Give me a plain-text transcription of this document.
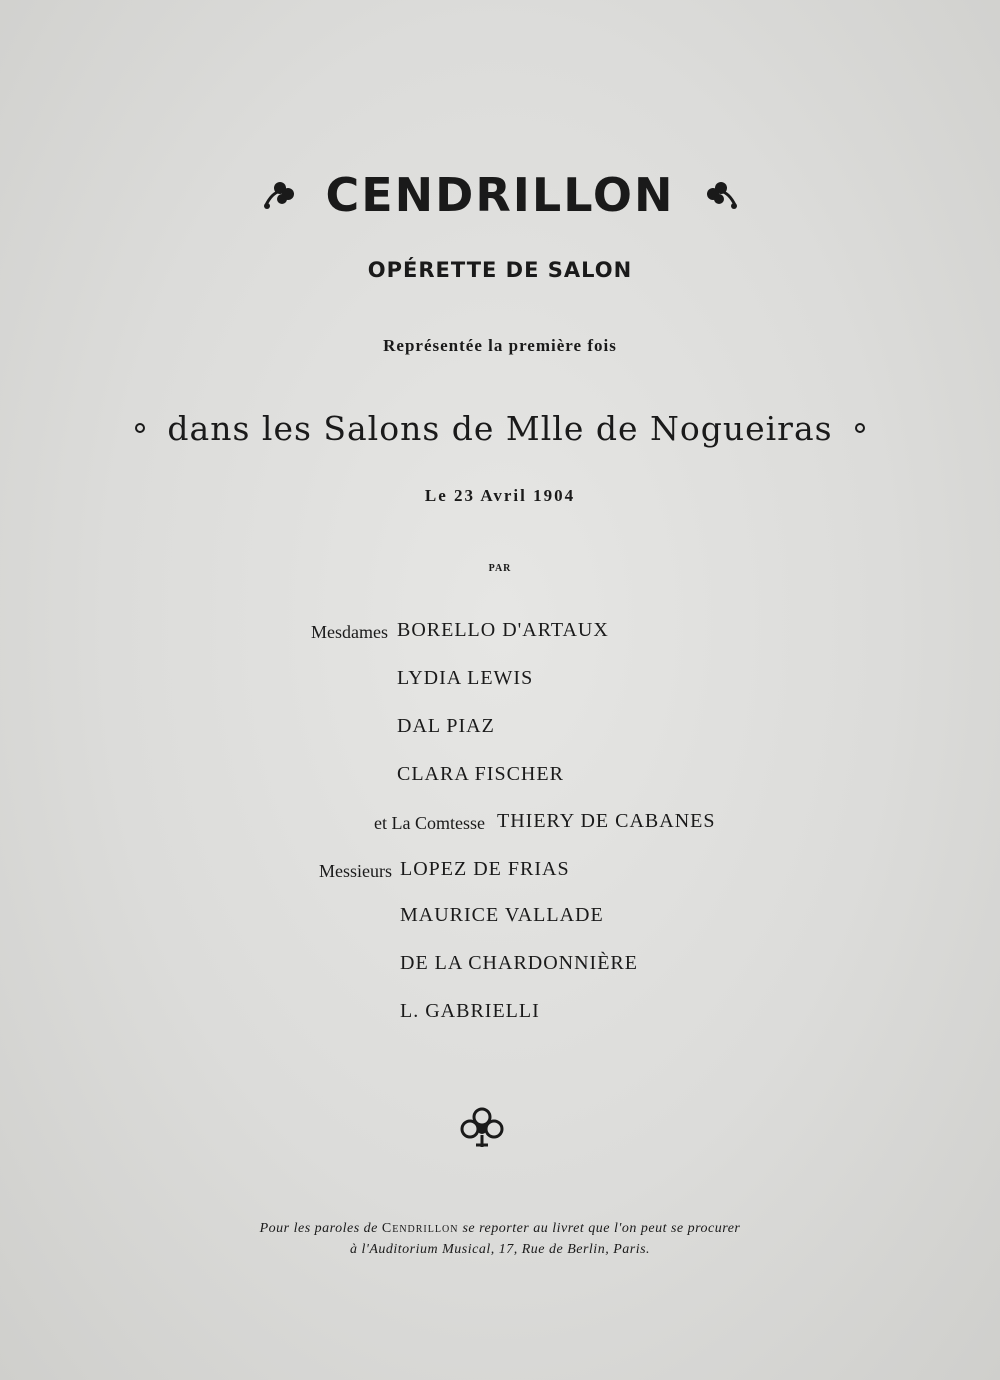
CENDRILLON
OPÉRETTE DE SALON
Représentée la première fois
dans les Salons de Mlle de Nogueiras
Le 23 Avril 1904
PAR
Mesdames BORELLO D'ARTAUX
LYDIA LEWIS
DAL PIAZ
CLARA FISCHER
et La Comtesse THIERY DE CABANES
Messieurs LOPEZ DE FRIAS
MAURICE VALLADE
DE LA CHARDONNIÈRE
L. GABRIELLI
Pour les paroles de Cendrillon se reporter au livret que l'on peut se procurer
à l'Auditorium Musical, 17, Rue de Berlin, Paris.
